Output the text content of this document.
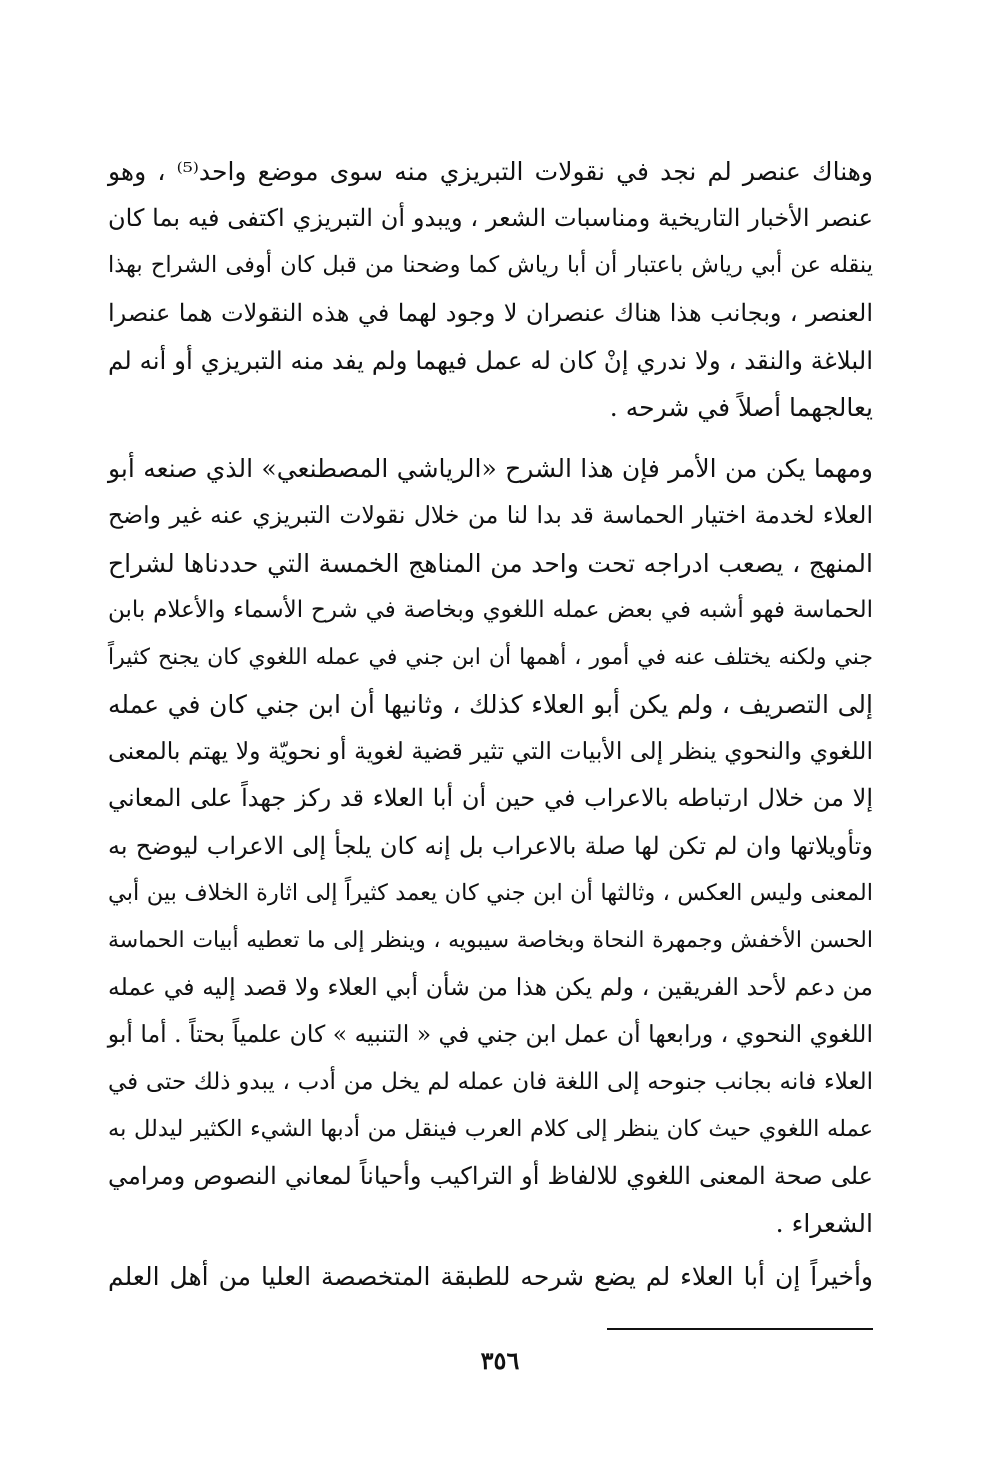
وهناك عنصر لم نجد في نقولات التبريزي منه سوى موضع واحد⁽⁵⁾ ، وهو
عنصر الأخبار التاريخية ومناسبات الشعر ، ويبدو أن التبريزي اكتفى فيه بما كان
ينقله عن أبي رياش باعتبار أن أبا رياش كما وضحنا من قبل كان أوفى الشراح بهذا
العنصر ، وبجانب هذا هناك عنصران لا وجود لهما في هذه النقولات هما عنصرا
البلاغة والنقد ، ولا ندري إنْ كان له عمل فيهما ولم يفد منه التبريزي أو أنه لم
يعالجهما أصلاً في شرحه .
ومهما يكن من الأمر فإن هذا الشرح «الرياشي المصطنعي» الذي صنعه أبو
العلاء لخدمة اختيار الحماسة قد بدا لنا من خلال نقولات التبريزي عنه غير واضح
المنهج ، يصعب ادراجه تحت واحد من المناهج الخمسة التي حددناها لشراح
الحماسة فهو أشبه في بعض عمله اللغوي وبخاصة في شرح الأسماء والأعلام بابن
جني ولكنه يختلف عنه في أمور ، أهمها أن ابن جني في عمله اللغوي كان يجنح كثيراً
إلى التصريف ، ولم يكن أبو العلاء كذلك ، وثانيها أن ابن جني كان في عمله
اللغوي والنحوي ينظر إلى الأبيات التي تثير قضية لغوية أو نحويّة ولا يهتم بالمعنى
إلا من خلال ارتباطه بالاعراب في حين أن أبا العلاء قد ركز جهداً على المعاني
وتأويلاتها وان لم تكن لها صلة بالاعراب بل إنه كان يلجأ إلى الاعراب ليوضح به
المعنى وليس العكس ، وثالثها أن ابن جني كان يعمد كثيراً إلى اثارة الخلاف بين أبي
الحسن الأخفش وجمهرة النحاة وبخاصة سيبويه ، وينظر إلى ما تعطيه أبيات الحماسة
من دعم لأحد الفريقين ، ولم يكن هذا من شأن أبي العلاء ولا قصد إليه في عمله
اللغوي النحوي ، ورابعها أن عمل ابن جني في « التنبيه » كان علمياً بحتاً . أما أبو
العلاء فانه بجانب جنوحه إلى اللغة فان عمله لم يخل من أدب ، يبدو ذلك حتى في
عمله اللغوي حيث كان ينظر إلى كلام العرب فينقل من أدبها الشيء الكثير ليدلل به
على صحة المعنى اللغوي للالفاظ أو التراكيب وأحياناً لمعاني النصوص ومرامي
الشعراء .
وأخيراً إن أبا العلاء لم يضع شرحه للطبقة المتخصصة العليا من أهل العلم
٣٥٦
